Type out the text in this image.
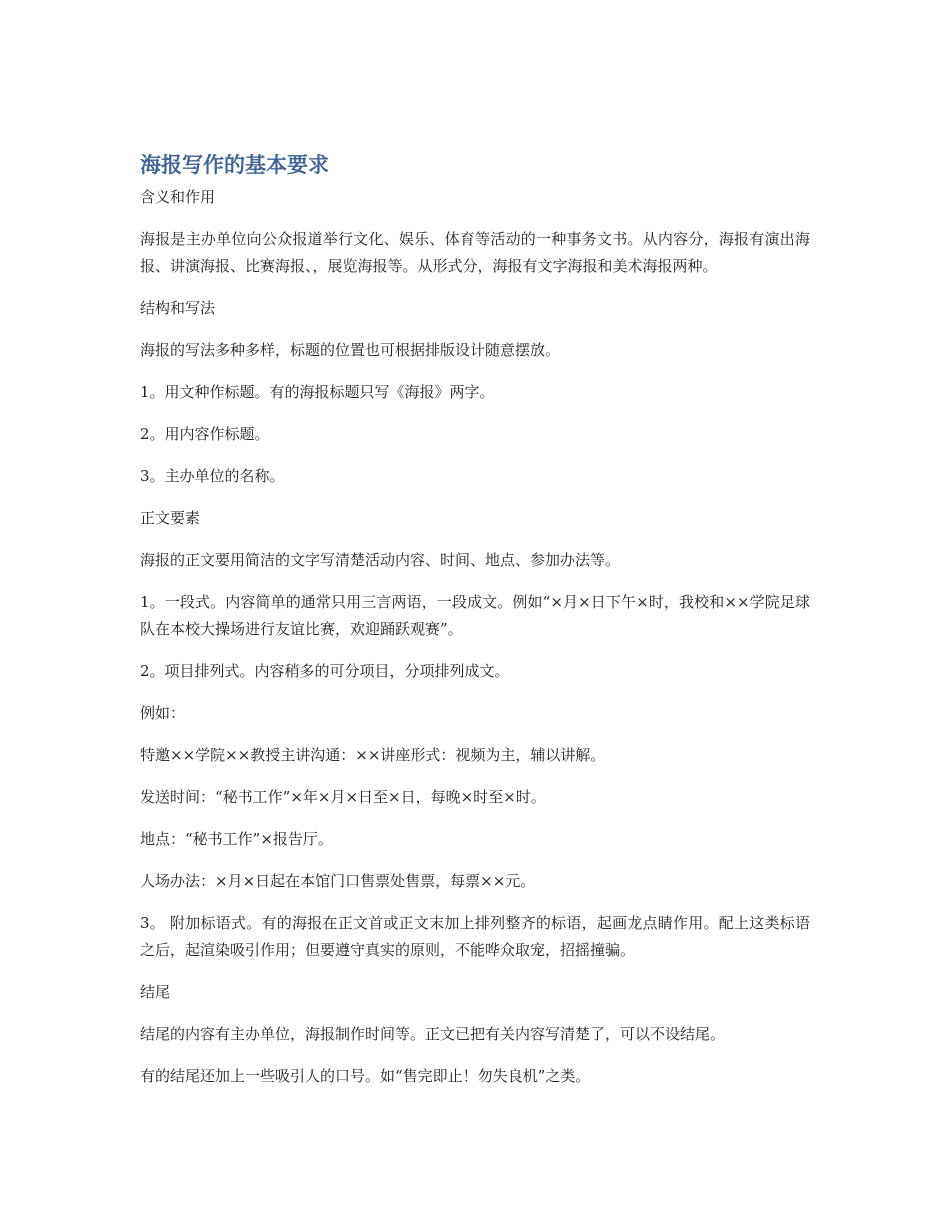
海报写作的基本要求
含义和作用

海报是主办单位向公众报道举行文化、娱乐、体育等活动的一种事务文书。从内容分，海报有演出海报、讲演海报、比赛海报、，展览海报等。从形式分，海报有文字海报和美术海报两种。

结构和写法

海报的写法多种多样，标题的位置也可根据排版设计随意摆放。

1。用文种作标题。有的海报标题只写《海报》两字。

2。用内容作标题。

3。主办单位的名称。

正文要素

海报的正文要用简洁的文字写清楚活动内容、时间、地点、参加办法等。

1。一段式。内容简单的通常只用三言两语，一段成文。例如“×月×日下午×时，我校和××学院足球队在本校大操场进行友谊比赛，欢迎踊跃观赛”。

2。项目排列式。内容稍多的可分项目，分项排列成文。

例如：

特邀××学院××教授主讲沟通：××讲座形式：视频为主，辅以讲解。

发送时间：“秘书工作”×年×月×日至×日，每晚×时至×时。

地点：“秘书工作”×报告厅。

人场办法：×月×日起在本馆门口售票处售票，每票××元。

3。 附加标语式。有的海报在正文首或正文末加上排列整齐的标语，起画龙点睛作用。配上这类标语之后，起渲染吸引作用；但要遵守真实的原则，不能哗众取宠，招摇撞骗。

结尾

结尾的内容有主办单位，海报制作时间等。正文已把有关内容写清楚了，可以不设结尾。

有的结尾还加上一些吸引人的口号。如“售完即止！勿失良机”之类。
